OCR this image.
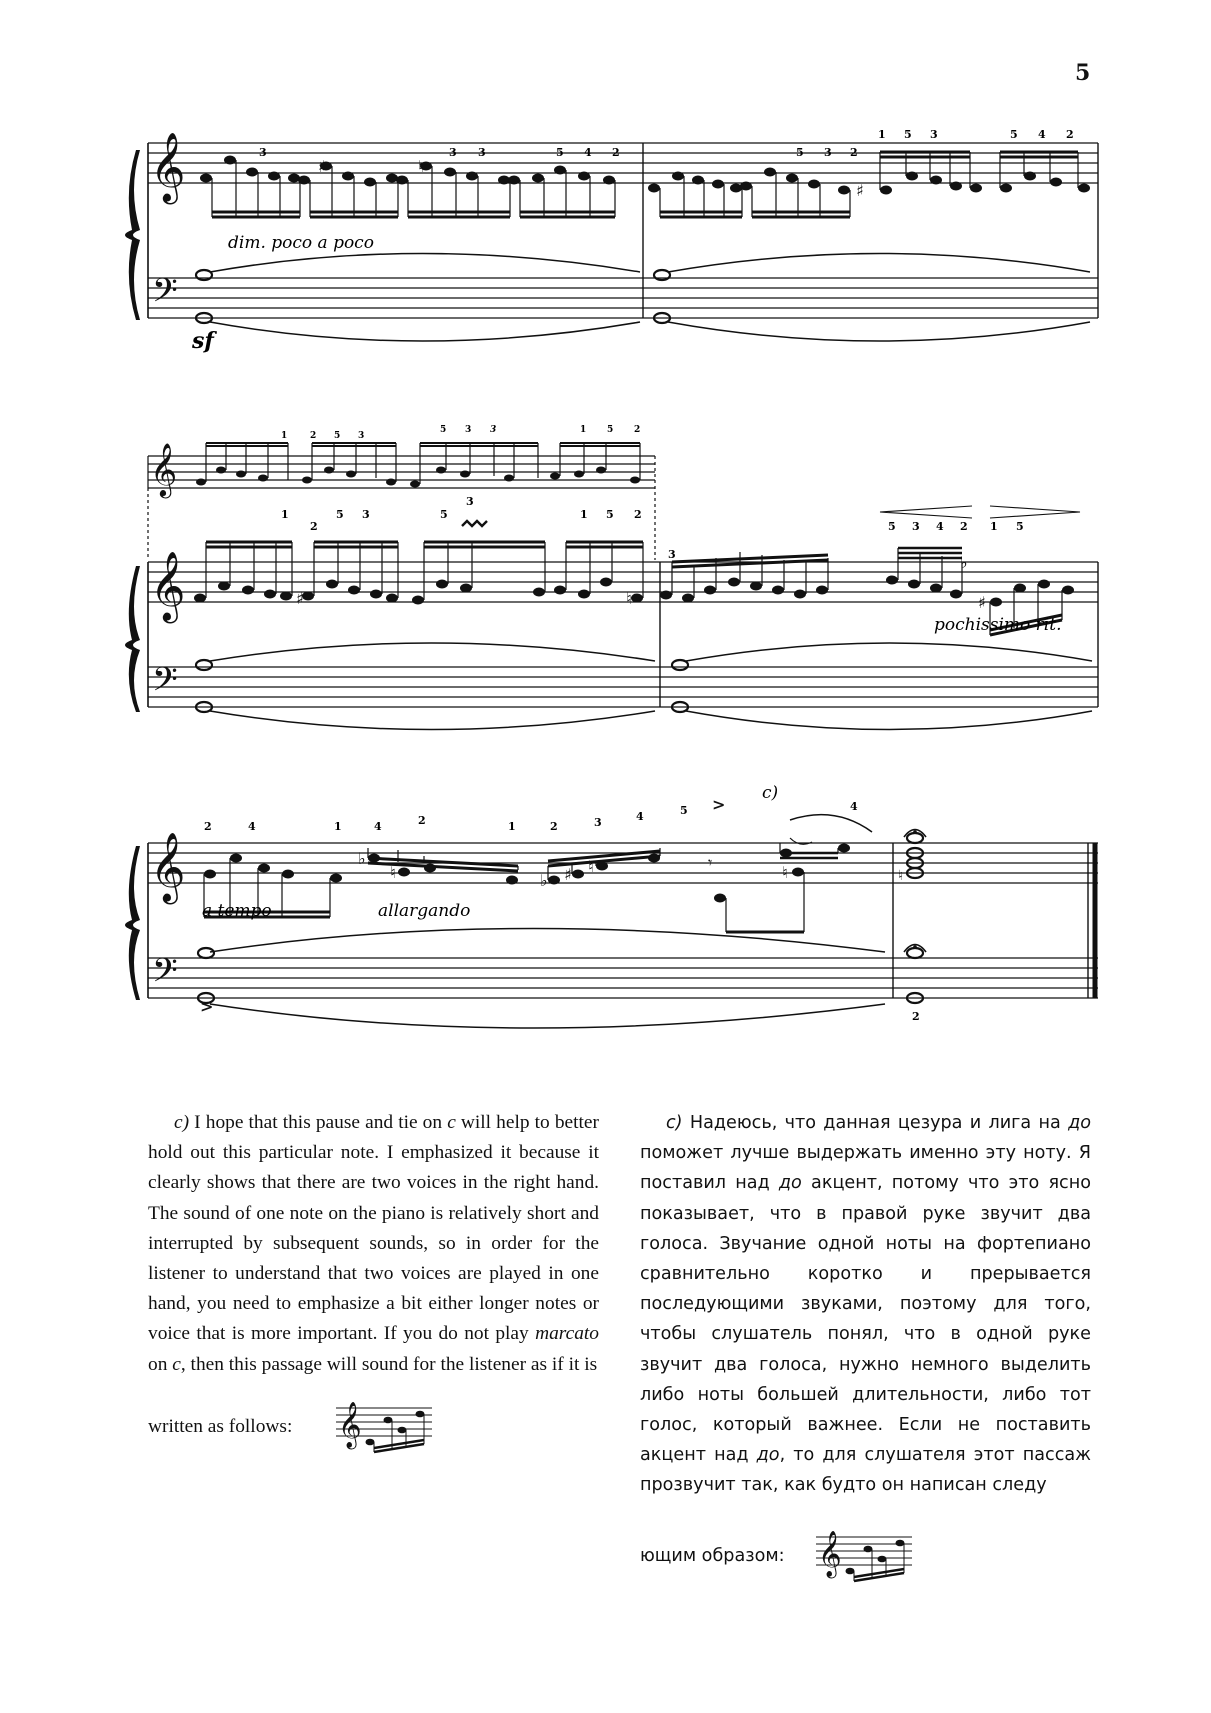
5
𝄞
𝄢
𝄞
𝄞
𝄢
𝄞
𝄢
♯	♮
♯
♯	♮
♭
♯
♭
♮	♭ ♯ ♮	♮	♮
𝄾
>
>
3	3 3	5 4 2	5 3 2
1 5 3	5 4 2
dim. poco a poco
sf
1	2 5 3
5 3 3	1 5 2
1
2
5 3	5
3
1 5 2
3
5 3 4 2 1 5
pochissimo rit.
c)
2	4	1	4	2	1	2	3	4	5	4
a tempo	allargando
2

c) I hope that this pause and tie on c will help to better hold out this particular note. I emphasized it because it clearly shows that there are two voices in the right hand. The sound of one note on the piano is relatively short and interrupted by subsequent sounds, so in order for the listener to understand that two voices are played in one hand, you need to emphasize a bit either longer notes or voice that is more important. If you do not play marcato on c, then this passage will sound for the listener as if it is

written as follows: 𝄞

c) Надеюсь, что данная цезура и лига на до поможет лучше выдержать именно эту ноту. Я поставил над до акцент, потому что это ясно показывает, что в правой руке звучит два голоса. Звучание одной ноты на фортепиано сравнительно коротко и прерывается последующими звуками, поэтому для того, чтобы слушатель понял, что в одной руке звучит два голоса, нужно немного выделить либо ноты большей длительности, либо тот голос, который важнее. Если не поставить акцент над до, то для слушателя этот пассаж прозвучит так, как будто он написан следу

ющим образом: 𝄞
